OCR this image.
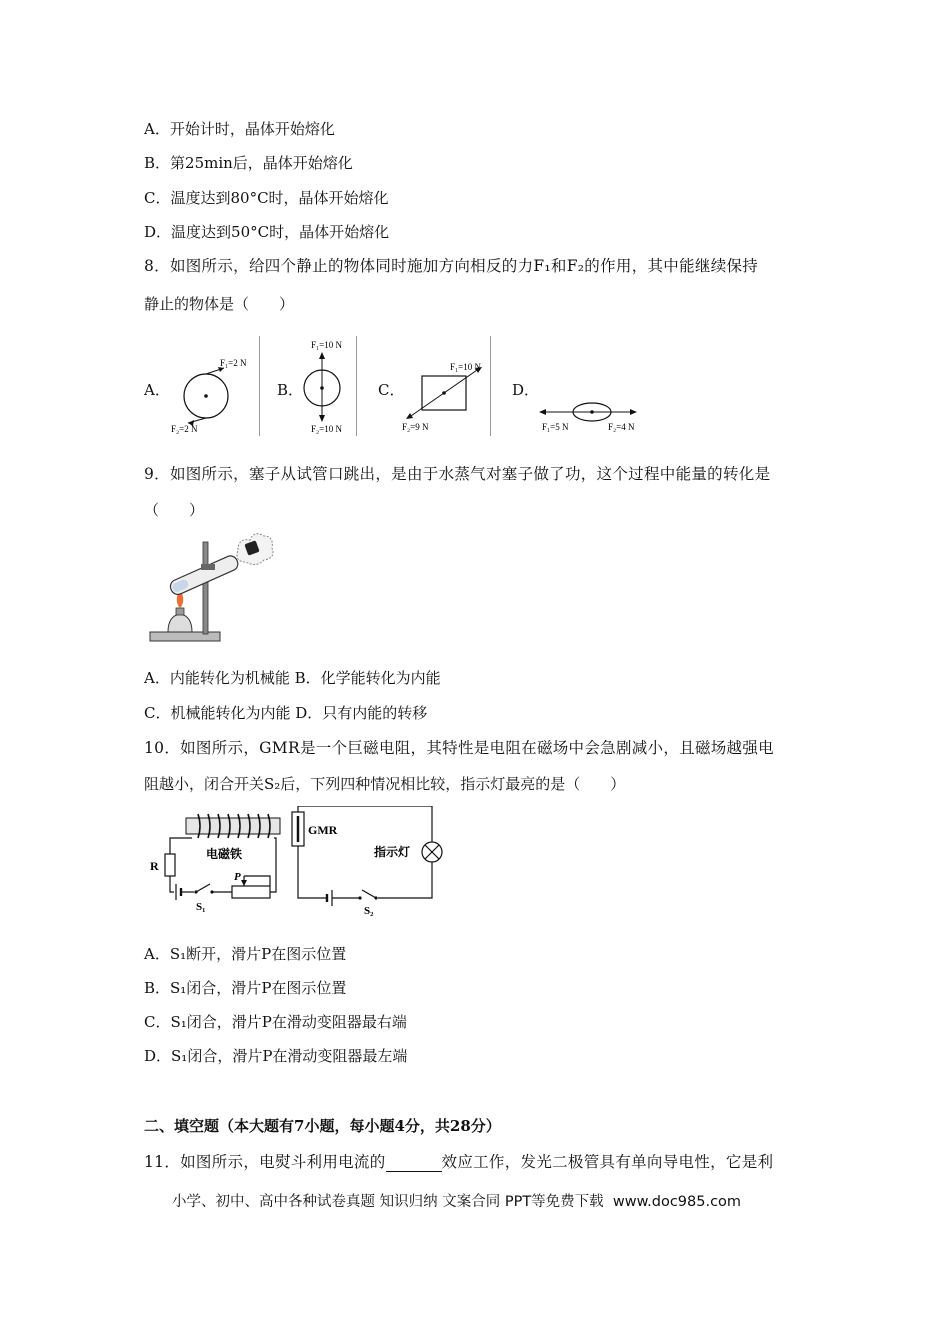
A．开始计时，晶体开始熔化
B．第25min后，晶体开始熔化
C．温度达到80°C时，晶体开始熔化
D．温度达到50°C时，晶体开始熔化
8．如图所示，给四个静止的物体同时施加方向相反的力F₁和F₂的作用，其中能继续保持
静止的物体是（　　）
A．	B．	C．	D．
F₁=2 N
F₂=2 N
F₁=10 N
F₂=10 N
F₁=10 N
F₂=9 N	F₁=5 N	F₂=4 N
9．如图所示，塞子从试管口跳出，是由于水蒸气对塞子做了功，这个过程中能量的转化是
（　　）
A．内能转化为机械能 B．化学能转化为内能
C．机械能转化为内能 D．只有内能的转移
10．如图所示，GMR是一个巨磁电阻，其特性是电阻在磁场中会急剧减小，且磁场越强电
阻越小，闭合开关S₂后，下列四种情况相比较，指示灯最亮的是（　　）
电磁铁
R
S₁
P
GMR
指示灯
S₂
A．S₁断开，滑片P在图示位置
B．S₁闭合，滑片P在图示位置
C．S₁闭合，滑片P在滑动变阻器最右端
D．S₁闭合，滑片P在滑动变阻器最左端
二、填空题（本大题有7小题，每小题4分，共28分）
11．如图所示，电熨斗利用电流的	效应工作，发光二极管具有单向导电性，它是利
小学、初中、高中各种试卷真题 知识归纳 文案合同 PPT等免费下载  www.doc985.com
